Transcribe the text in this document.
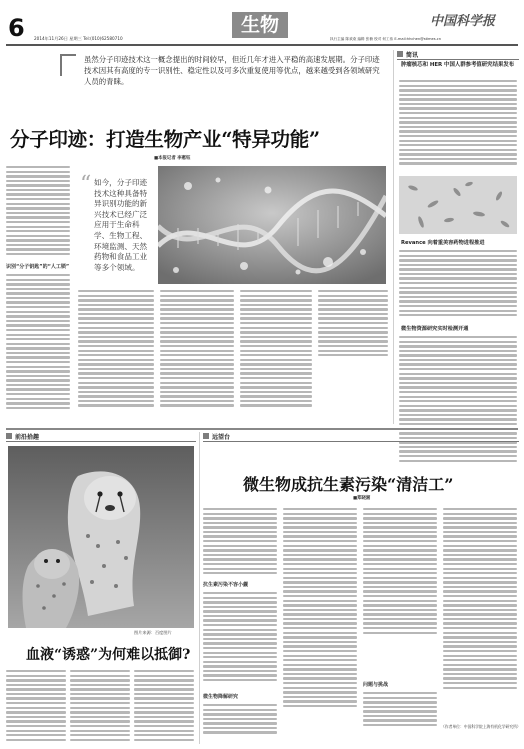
6 2014年11月26日 星期三 Tel:(010)62580710
生物
执行主编 陈欢欢 编辑 张楠 校对 何工伟 E-mail:hhchen@stimes.cn
中国科学报
虽然分子印迹技术这一概念提出的时间较早，但近几年才进入平稳的高速发展期。分子印迹技术因其有高度的专一识别性、稳定性以及可多次重复使用等优点，越来越受到各领域研究人员的青睐。
分子印迹：打造生物产业“特异功能”
■本报记者 李惠钰
识别“分子钥匙”的“人工锁”
“ 如今，分子印迹技术这种具备特异识别功能的新兴技术已经广泛应用于生命科学、生物工程、环境监测、天然药物和食品工业等多个领域。
简讯
肿瘤核芯和 HER 中国人群参考值研究结果发布
Revance 向着重美容药物进程推进
微生物资源研究实时检测开通
前沿拾趣
图片来源：百度图片
血液“诱惑”为何难以抵御?
远望台
微生物成抗生素污染“清洁工”
■郑晓湘
抗生素污染不容小觑
微生物降解研究
问题与挑战
（作者单位：中国科学院上海有机化学研究所）
